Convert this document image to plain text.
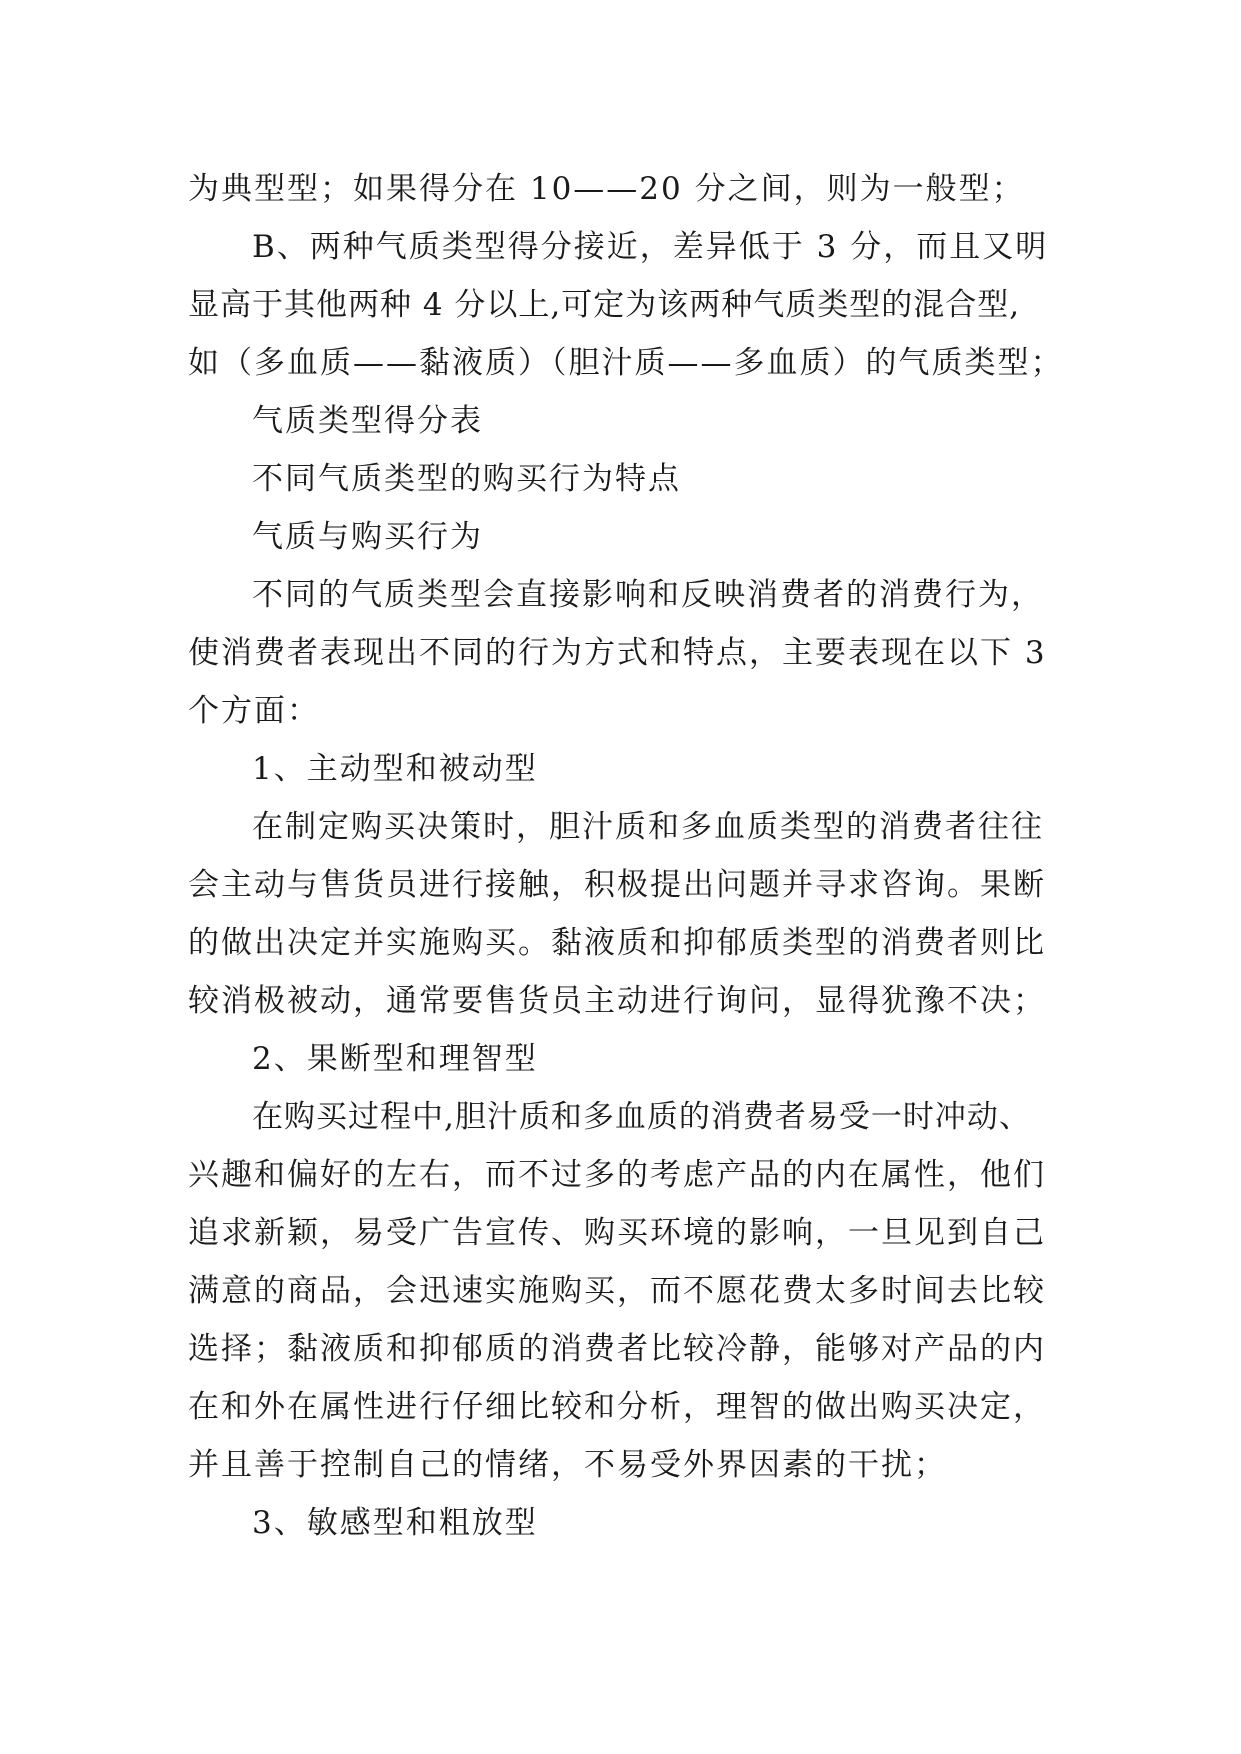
为典型型；如果得分在 10——20 分之间，则为一般型；
B、两种气质类型得分接近，差异低于 3 分，而且又明
显高于其他两种 4 分以上,可定为该两种气质类型的混合型,
如（多血质——黏液质）（胆汁质——多血质）的气质类型；
气质类型得分表
不同气质类型的购买行为特点
气质与购买行为
不同的气质类型会直接影响和反映消费者的消费行为，
使消费者表现出不同的行为方式和特点，主要表现在以下 3
个方面：
1、主动型和被动型
在制定购买决策时，胆汁质和多血质类型的消费者往往
会主动与售货员进行接触，积极提出问题并寻求咨询。果断
的做出决定并实施购买。黏液质和抑郁质类型的消费者则比
较消极被动，通常要售货员主动进行询问，显得犹豫不决；
2、果断型和理智型
在购买过程中,胆汁质和多血质的消费者易受一时冲动、
兴趣和偏好的左右，而不过多的考虑产品的内在属性，他们
追求新颖，易受广告宣传、购买环境的影响，一旦见到自己
满意的商品，会迅速实施购买，而不愿花费太多时间去比较
选择；黏液质和抑郁质的消费者比较冷静，能够对产品的内
在和外在属性进行仔细比较和分析，理智的做出购买决定，
并且善于控制自己的情绪，不易受外界因素的干扰；
3、敏感型和粗放型
